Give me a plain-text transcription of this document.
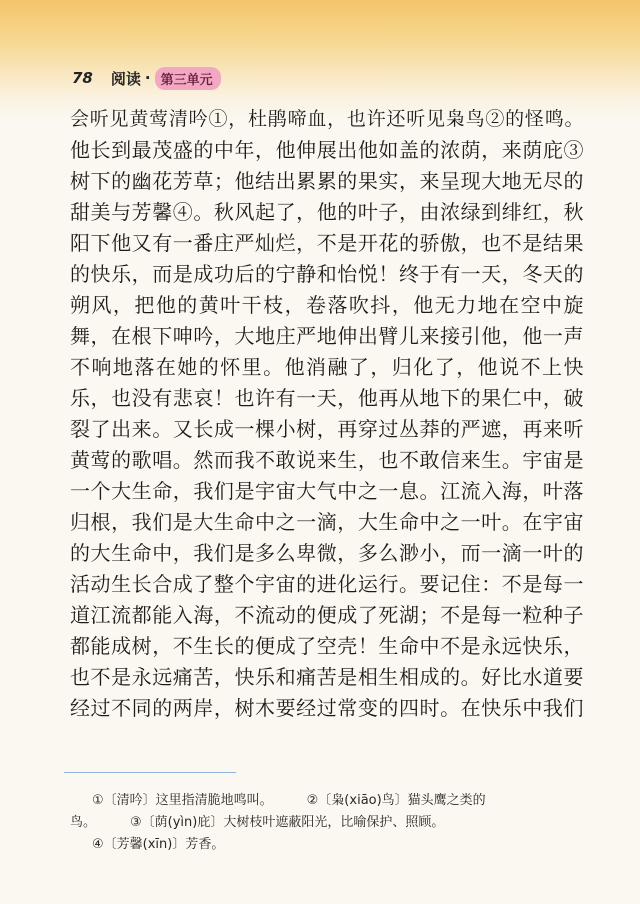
78 阅读 · 第三单元
会听见黄莺清吟①，杜鹃啼血，也许还听见枭鸟②的怪鸣。
他长到最茂盛的中年，他伸展出他如盖的浓荫，来荫庇③
树下的幽花芳草；他结出累累的果实，来呈现大地无尽的
甜美与芳馨④。秋风起了，他的叶子，由浓绿到绯红，秋
阳下他又有一番庄严灿烂，不是开花的骄傲，也不是结果
的快乐，而是成功后的宁静和怡悦！终于有一天，冬天的
朔风，把他的黄叶干枝，卷落吹抖，他无力地在空中旋
舞，在根下呻吟，大地庄严地伸出臂儿来接引他，他一声
不响地落在她的怀里。他消融了，归化了，他说不上快
乐，也没有悲哀！也许有一天，他再从地下的果仁中，破
裂了出来。又长成一棵小树，再穿过丛莽的严遮，再来听
黄莺的歌唱。然而我不敢说来生，也不敢信来生。宇宙是
一个大生命，我们是宇宙大气中之一息。江流入海，叶落
归根，我们是大生命中之一滴，大生命中之一叶。在宇宙
的大生命中，我们是多么卑微，多么渺小，而一滴一叶的
活动生长合成了整个宇宙的进化运行。要记住：不是每一
道江流都能入海，不流动的便成了死湖；不是每一粒种子
都能成树，不生长的便成了空壳！生命中不是永远快乐，
也不是永远痛苦，快乐和痛苦是相生相成的。好比水道要
经过不同的两岸，树木要经过常变的四时。在快乐中我们
①〔清吟〕这里指清脆地鸣叫。	②〔枭(xiāo)鸟〕猫头鹰之类的
鸟。	③〔荫(yìn)庇〕大树枝叶遮蔽阳光，比喻保护、照顾。
④〔芳馨(xīn)〕芳香。
